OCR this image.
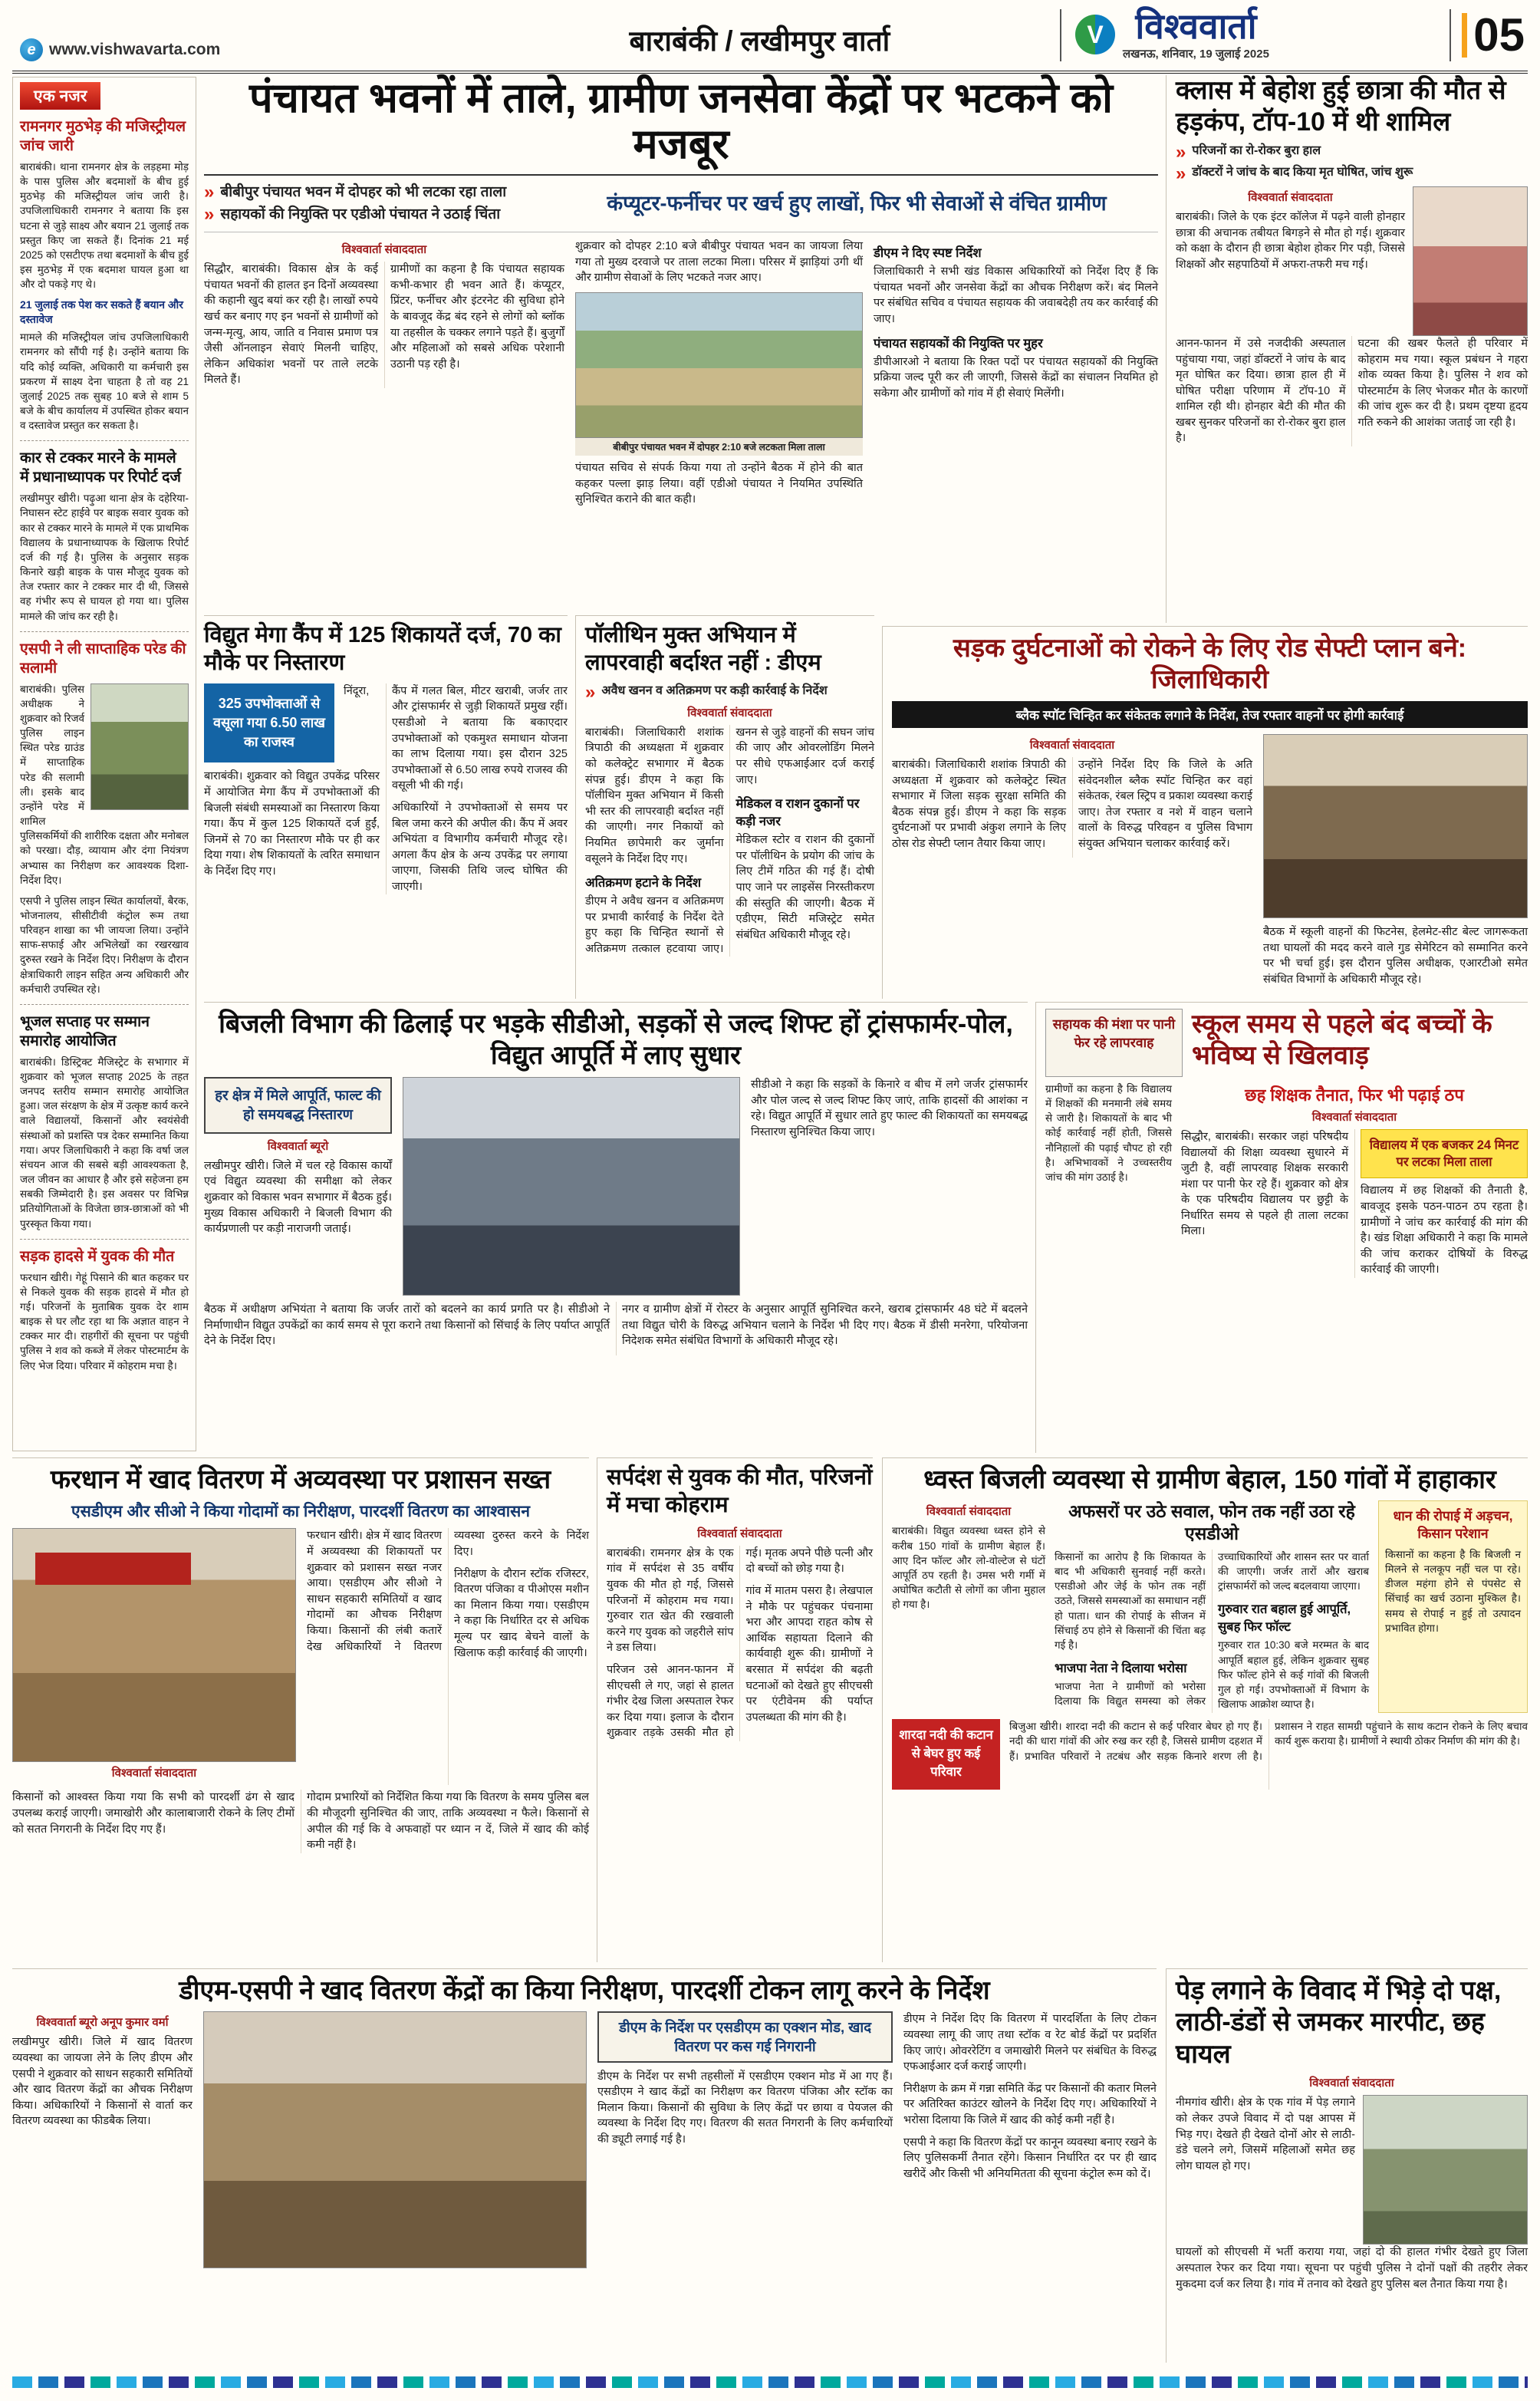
e www.vishwavarta.com	बाराबंकी / लखीमपुर वार्ता	V विश्ववार्ता
लखनऊ, शनिवार, 19 जुलाई 2025	05
एक नजर
रामनगर मुठभेड़ की मजिस्ट्रीयल जांच जारी

बाराबंकी। थाना रामनगर क्षेत्र के लड़हमा मोड़ के पास पुलिस और बदमाशों के बीच हुई मुठभेड़ की मजिस्ट्रीयल जांच जारी है। उपजिलाधिकारी रामनगर ने बताया कि इस घटना से जुड़े साक्ष्य और बयान 21 जुलाई तक प्रस्तुत किए जा सकते हैं। दिनांक 21 मई 2025 को एसटीएफ तथा बदमाशों के बीच हुई इस मुठभेड़ में एक बदमाश घायल हुआ था और दो पकड़े गए थे।

21 जुलाई तक पेश कर सकते हैं बयान और दस्तावेज

मामले की मजिस्ट्रीयल जांच उपजिलाधिकारी रामनगर को सौंपी गई है। उन्होंने बताया कि यदि कोई व्यक्ति, अधिकारी या कर्मचारी इस प्रकरण में साक्ष्य देना चाहता है तो वह 21 जुलाई 2025 तक सुबह 10 बजे से शाम 5 बजे के बीच कार्यालय में उपस्थित होकर बयान व दस्तावेज प्रस्तुत कर सकता है।

कार से टक्कर मारने के मामले में प्रधानाध्यापक पर रिपोर्ट दर्ज

लखीमपुर खीरी। पढ़ुआ थाना क्षेत्र के दहेरिया-निघासन स्टेट हाईवे पर बाइक सवार युवक को कार से टक्कर मारने के मामले में एक प्राथमिक विद्यालय के प्रधानाध्यापक के खिलाफ रिपोर्ट दर्ज की गई है। पुलिस के अनुसार सड़क किनारे खड़ी बाइक के पास मौजूद युवक को तेज रफ्तार कार ने टक्कर मार दी थी, जिससे वह गंभीर रूप से घायल हो गया था। पुलिस मामले की जांच कर रही है।

एसपी ने ली साप्ताहिक परेड की सलामी

बाराबंकी। पुलिस अधीक्षक ने शुक्रवार को रिजर्व पुलिस लाइन स्थित परेड ग्राउंड में साप्ताहिक परेड की सलामी ली। इसके बाद उन्होंने परेड में शामिल पुलिसकर्मियों की शारीरिक दक्षता और मनोबल को परखा। दौड़, व्यायाम और दंगा नियंत्रण अभ्यास का निरीक्षण कर आवश्यक दिशा-निर्देश दिए।

एसपी ने पुलिस लाइन स्थित कार्यालयों, बैरक, भोजनालय, सीसीटीवी कंट्रोल रूम तथा परिवहन शाखा का भी जायजा लिया। उन्होंने साफ-सफाई और अभिलेखों का रखरखाव दुरुस्त रखने के निर्देश दिए। निरीक्षण के दौरान क्षेत्राधिकारी लाइन सहित अन्य अधिकारी और कर्मचारी उपस्थित रहे।

भूजल सप्ताह पर सम्मान समारोह आयोजित

बाराबंकी। डिस्ट्रिक्ट मैजिस्ट्रेट के सभागार में शुक्रवार को भूजल सप्ताह 2025 के तहत जनपद स्तरीय सम्मान समारोह आयोजित हुआ। जल संरक्षण के क्षेत्र में उत्कृष्ट कार्य करने वाले विद्यालयों, किसानों और स्वयंसेवी संस्थाओं को प्रशस्ति पत्र देकर सम्मानित किया गया। अपर जिलाधिकारी ने कहा कि वर्षा जल संचयन आज की सबसे बड़ी आवश्यकता है, जल जीवन का आधार है और इसे सहेजना हम सबकी जिम्मेदारी है। इस अवसर पर विभिन्न प्रतियोगिताओं के विजेता छात्र-छात्राओं को भी पुरस्कृत किया गया।

सड़क हादसे में युवक की मौत

फरधान खीरी। गेहूं पिसाने की बात कहकर घर से निकले युवक की सड़क हादसे में मौत हो गई। परिजनों के मुताबिक युवक देर शाम बाइक से घर लौट रहा था कि अज्ञात वाहन ने टक्कर मार दी। राहगीरों की सूचना पर पहुंची पुलिस ने शव को कब्जे में लेकर पोस्टमार्टम के लिए भेज दिया। परिवार में कोहराम मचा है।

पंचायत भवनों में ताले, ग्रामीण जनसेवा केंद्रों पर भटकने को मजबूर
» बीबीपुर पंचायत भवन में दोपहर को भी लटका रहा ताला
» सहायकों की नियुक्ति पर एडीओ पंचायत ने उठाई चिंता	कंप्यूटर-फर्नीचर पर खर्च हुए लाखों, फिर भी सेवाओं से वंचित ग्रामीण
विश्ववार्ता संवाददाता

सिद्धौर, बाराबंकी। विकास क्षेत्र के कई पंचायत भवनों की हालत इन दिनों अव्यवस्था की कहानी खुद बयां कर रही है। लाखों रुपये खर्च कर बनाए गए इन भवनों से ग्रामीणों को जन्म-मृत्यु, आय, जाति व निवास प्रमाण पत्र जैसी ऑनलाइन सेवाएं मिलनी चाहिए, लेकिन अधिकांश भवनों पर ताले लटके मिलते हैं।

ग्रामीणों का कहना है कि पंचायत सहायक कभी-कभार ही भवन आते हैं। कंप्यूटर, प्रिंटर, फर्नीचर और इंटरनेट की सुविधा होने के बावजूद केंद्र बंद रहने से लोगों को ब्लॉक या तहसील के चक्कर लगाने पड़ते हैं। बुजुर्गों और महिलाओं को सबसे अधिक परेशानी उठानी पड़ रही है।

शुक्रवार को दोपहर 2:10 बजे बीबीपुर पंचायत भवन का जायजा लिया गया तो मुख्य दरवाजे पर ताला लटका मिला। परिसर में झाड़ियां उगी थीं और ग्रामीण सेवाओं के लिए भटकते नजर आए।

बीबीपुर पंचायत भवन में दोपहर 2:10 बजे लटकता मिला ताला

पंचायत सचिव से संपर्क किया गया तो उन्होंने बैठक में होने की बात कहकर पल्ला झाड़ लिया। वहीं एडीओ पंचायत ने नियमित उपस्थिति सुनिश्चित कराने की बात कही।

डीएम ने दिए स्पष्ट निर्देश

जिलाधिकारी ने सभी खंड विकास अधिकारियों को निर्देश दिए हैं कि पंचायत भवनों और जनसेवा केंद्रों का औचक निरीक्षण करें। बंद मिलने पर संबंधित सचिव व पंचायत सहायक की जवाबदेही तय कर कार्रवाई की जाए।

पंचायत सहायकों की नियुक्ति पर मुहर

डीपीआरओ ने बताया कि रिक्त पदों पर पंचायत सहायकों की नियुक्ति प्रक्रिया जल्द पूरी कर ली जाएगी, जिससे केंद्रों का संचालन नियमित हो सकेगा और ग्रामीणों को गांव में ही सेवाएं मिलेंगी।

क्लास में बेहोश हुई छात्रा की मौत से हड़कंप, टॉप-10 में थी शामिल
» परिजनों का रो-रोकर बुरा हाल
» डॉक्टरों ने जांच के बाद किया मृत घोषित, जांच शुरू
विश्ववार्ता संवाददाता

बाराबंकी। जिले के एक इंटर कॉलेज में पढ़ने वाली होनहार छात्रा की अचानक तबीयत बिगड़ने से मौत हो गई। शुक्रवार को कक्षा के दौरान ही छात्रा बेहोश होकर गिर पड़ी, जिससे शिक्षकों और सहपाठियों में अफरा-तफरी मच गई।

आनन-फानन में उसे नजदीकी अस्पताल पहुंचाया गया, जहां डॉक्टरों ने जांच के बाद मृत घोषित कर दिया। छात्रा हाल ही में घोषित परीक्षा परिणाम में टॉप-10 में शामिल रही थी। होनहार बेटी की मौत की खबर सुनकर परिजनों का रो-रोकर बुरा हाल है।

घटना की खबर फैलते ही परिवार में कोहराम मच गया। स्कूल प्रबंधन ने गहरा शोक व्यक्त किया है। पुलिस ने शव को पोस्टमार्टम के लिए भेजकर मौत के कारणों की जांच शुरू कर दी है। प्रथम दृष्टया हृदय गति रुकने की आशंका जताई जा रही है।

विद्युत मेगा कैंप में 125 शिकायतें दर्ज, 70 का मौके पर निस्तारण
325 उपभोक्ताओं से वसूला गया 6.50 लाख का राजस्व

निंदूरा, बाराबंकी। शुक्रवार को विद्युत उपकेंद्र परिसर में आयोजित मेगा कैंप में उपभोक्ताओं की बिजली संबंधी समस्याओं का निस्तारण किया गया। कैंप में कुल 125 शिकायतें दर्ज हुईं, जिनमें से 70 का निस्तारण मौके पर ही कर दिया गया। शेष शिकायतों के त्वरित समाधान के निर्देश दिए गए।

कैंप में गलत बिल, मीटर खराबी, जर्जर तार और ट्रांसफार्मर से जुड़ी शिकायतें प्रमुख रहीं। एसडीओ ने बताया कि बकाएदार उपभोक्ताओं को एकमुश्त समाधान योजना का लाभ दिलाया गया। इस दौरान 325 उपभोक्ताओं से 6.50 लाख रुपये राजस्व की वसूली भी की गई।

अधिकारियों ने उपभोक्ताओं से समय पर बिल जमा करने की अपील की। कैंप में अवर अभियंता व विभागीय कर्मचारी मौजूद रहे। अगला कैंप क्षेत्र के अन्य उपकेंद्र पर लगाया जाएगा, जिसकी तिथि जल्द घोषित की जाएगी।

पॉलीथिन मुक्त अभियान में लापरवाही बर्दाश्त नहीं : डीएम
» अवैध खनन व अतिक्रमण पर कड़ी कार्रवाई के निर्देश
विश्ववार्ता संवाददाता

बाराबंकी। जिलाधिकारी शशांक त्रिपाठी की अध्यक्षता में शुक्रवार को कलेक्ट्रेट सभागार में बैठक संपन्न हुई। डीएम ने कहा कि पॉलीथिन मुक्त अभियान में किसी भी स्तर की लापरवाही बर्दाश्त नहीं की जाएगी। नगर निकायों को नियमित छापेमारी कर जुर्माना वसूलने के निर्देश दिए गए।

अतिक्रमण हटाने के निर्देश

डीएम ने अवैध खनन व अतिक्रमण पर प्रभावी कार्रवाई के निर्देश देते हुए कहा कि चिन्हित स्थानों से अतिक्रमण तत्काल हटवाया जाए। खनन से जुड़े वाहनों की सघन जांच की जाए और ओवरलोडिंग मिलने पर सीधे एफआईआर दर्ज कराई जाए।

मेडिकल व राशन दुकानों पर कड़ी नजर

मेडिकल स्टोर व राशन की दुकानों पर पॉलीथिन के प्रयोग की जांच के लिए टीमें गठित की गई हैं। दोषी पाए जाने पर लाइसेंस निरस्तीकरण की संस्तुति की जाएगी। बैठक में एडीएम, सिटी मजिस्ट्रेट समेत संबंधित अधिकारी मौजूद रहे।

सड़क दुर्घटनाओं को रोकने के लिए रोड सेफ्टी प्लान बने: जिलाधिकारी
ब्लैक स्पॉट चिन्हित कर संकेतक लगाने के निर्देश, तेज रफ्तार वाहनों पर होगी कार्रवाई
विश्ववार्ता संवाददाता

बाराबंकी। जिलाधिकारी शशांक त्रिपाठी की अध्यक्षता में शुक्रवार को कलेक्ट्रेट स्थित सभागार में जिला सड़क सुरक्षा समिति की बैठक संपन्न हुई। डीएम ने कहा कि सड़क दुर्घटनाओं पर प्रभावी अंकुश लगाने के लिए ठोस रोड सेफ्टी प्लान तैयार किया जाए।

उन्होंने निर्देश दिए कि जिले के अति संवेदनशील ब्लैक स्पॉट चिन्हित कर वहां संकेतक, रंबल स्ट्रिप व प्रकाश व्यवस्था कराई जाए। तेज रफ्तार व नशे में वाहन चलाने वालों के विरुद्ध परिवहन व पुलिस विभाग संयुक्त अभियान चलाकर कार्रवाई करें।

बैठक में स्कूली वाहनों की फिटनेस, हेलमेट-सीट बेल्ट जागरूकता तथा घायलों की मदद करने वाले गुड सेमेरिटन को सम्मानित करने पर भी चर्चा हुई। इस दौरान पुलिस अधीक्षक, एआरटीओ समेत संबंधित विभागों के अधिकारी मौजूद रहे।

बिजली विभाग की ढिलाई पर भड़के सीडीओ, सड़कों से जल्द शिफ्ट हों ट्रांसफार्मर-पोल, विद्युत आपूर्ति में लाए सुधार
हर क्षेत्र में मिले आपूर्ति, फाल्ट की हो समयबद्ध निस्तारण
विश्ववार्ता ब्यूरो

लखीमपुर खीरी। जिले में चल रहे विकास कार्यों एवं विद्युत व्यवस्था की समीक्षा को लेकर शुक्रवार को विकास भवन सभागार में बैठक हुई। मुख्य विकास अधिकारी ने बिजली विभाग की कार्यप्रणाली पर कड़ी नाराजगी जताई।

सीडीओ ने कहा कि सड़कों के किनारे व बीच में लगे जर्जर ट्रांसफार्मर और पोल जल्द से जल्द शिफ्ट किए जाएं, ताकि हादसों की आशंका न रहे। विद्युत आपूर्ति में सुधार लाते हुए फाल्ट की शिकायतों का समयबद्ध निस्तारण सुनिश्चित किया जाए।

बैठक में अधीक्षण अभियंता ने बताया कि जर्जर तारों को बदलने का कार्य प्रगति पर है। सीडीओ ने निर्माणाधीन विद्युत उपकेंद्रों का कार्य समय से पूरा कराने तथा किसानों को सिंचाई के लिए पर्याप्त आपूर्ति देने के निर्देश दिए।

नगर व ग्रामीण क्षेत्रों में रोस्टर के अनुसार आपूर्ति सुनिश्चित करने, खराब ट्रांसफार्मर 48 घंटे में बदलने तथा विद्युत चोरी के विरुद्ध अभियान चलाने के निर्देश भी दिए गए। बैठक में डीसी मनरेगा, परियोजना निदेशक समेत संबंधित विभागों के अधिकारी मौजूद रहे।

सहायक की मंशा पर पानी फेर रहे लापरवाह
स्कूल समय से पहले बंद बच्चों के भविष्य से खिलवाड़

ग्रामीणों का कहना है कि विद्यालय में शिक्षकों की मनमानी लंबे समय से जारी है। शिकायतों के बाद भी कोई कार्रवाई नहीं होती, जिससे नौनिहालों की पढ़ाई चौपट हो रही है। अभिभावकों ने उच्चस्तरीय जांच की मांग उठाई है।

छह शिक्षक तैनात, फिर भी पढ़ाई ठप
विश्ववार्ता संवाददाता

सिद्धौर, बाराबंकी। सरकार जहां परिषदीय विद्यालयों की शिक्षा व्यवस्था सुधारने में जुटी है, वहीं लापरवाह शिक्षक सरकारी मंशा पर पानी फेर रहे हैं। शुक्रवार को क्षेत्र के एक परिषदीय विद्यालय पर छुट्टी के निर्धारित समय से पहले ही ताला लटका मिला।

विद्यालय में एक बजकर 24 मिनट पर लटका मिला ताला

विद्यालय में छह शिक्षकों की तैनाती है, बावजूद इसके पठन-पाठन ठप रहता है। ग्रामीणों ने जांच कर कार्रवाई की मांग की है। खंड शिक्षा अधिकारी ने कहा कि मामले की जांच कराकर दोषियों के विरुद्ध कार्रवाई की जाएगी।

फरधान में खाद वितरण में अव्यवस्था पर प्रशासन सख्त
एसडीएम और सीओ ने किया गोदामों का निरीक्षण, पारदर्शी वितरण का आश्वासन
विश्ववार्ता संवाददाता

फरधान खीरी। क्षेत्र में खाद वितरण में अव्यवस्था की शिकायतों पर शुक्रवार को प्रशासन सख्त नजर आया। एसडीएम और सीओ ने साधन सहकारी समितियों व खाद गोदामों का औचक निरीक्षण किया। किसानों की लंबी कतारें देख अधिकारियों ने वितरण व्यवस्था दुरुस्त करने के निर्देश दिए।

निरीक्षण के दौरान स्टॉक रजिस्टर, वितरण पंजिका व पीओएस मशीन का मिलान किया गया। एसडीएम ने कहा कि निर्धारित दर से अधिक मूल्य पर खाद बेचने वालों के खिलाफ कड़ी कार्रवाई की जाएगी।

किसानों को आश्वस्त किया गया कि सभी को पारदर्शी ढंग से खाद उपलब्ध कराई जाएगी। जमाखोरी और कालाबाजारी रोकने के लिए टीमों को सतत निगरानी के निर्देश दिए गए हैं।

गोदाम प्रभारियों को निर्देशित किया गया कि वितरण के समय पुलिस बल की मौजूदगी सुनिश्चित की जाए, ताकि अव्यवस्था न फैले। किसानों से अपील की गई कि वे अफवाहों पर ध्यान न दें, जिले में खाद की कोई कमी नहीं है।

सर्पदंश से युवक की मौत, परिजनों में मचा कोहराम
विश्ववार्ता संवाददाता

बाराबंकी। रामनगर क्षेत्र के एक गांव में सर्पदंश से 35 वर्षीय युवक की मौत हो गई, जिससे परिजनों में कोहराम मच गया। गुरुवार रात खेत की रखवाली करने गए युवक को जहरीले सांप ने डस लिया।

परिजन उसे आनन-फानन में सीएचसी ले गए, जहां से हालत गंभीर देख जिला अस्पताल रेफर कर दिया गया। इलाज के दौरान शुक्रवार तड़के उसकी मौत हो गई। मृतक अपने पीछे पत्नी और दो बच्चों को छोड़ गया है।

गांव में मातम पसरा है। लेखपाल ने मौके पर पहुंचकर पंचनामा भरा और आपदा राहत कोष से आर्थिक सहायता दिलाने की कार्यवाही शुरू की। ग्रामीणों ने बरसात में सर्पदंश की बढ़ती घटनाओं को देखते हुए सीएचसी पर एंटीवेनम की पर्याप्त उपलब्धता की मांग की है।

ध्वस्त बिजली व्यवस्था से ग्रामीण बेहाल, 150 गांवों में हाहाकार
विश्ववार्ता संवाददाता

बाराबंकी। विद्युत व्यवस्था ध्वस्त होने से करीब 150 गांवों के ग्रामीण बेहाल हैं। आए दिन फॉल्ट और लो-वोल्टेज से घंटों आपूर्ति ठप रहती है। उमस भरी गर्मी में अघोषित कटौती से लोगों का जीना मुहाल हो गया है।

अफसरों पर उठे सवाल, फोन तक नहीं उठा रहे एसडीओ

किसानों का आरोप है कि शिकायत के बाद भी अधिकारी सुनवाई नहीं करते। एसडीओ और जेई के फोन तक नहीं उठते, जिससे समस्याओं का समाधान नहीं हो पाता। धान की रोपाई के सीजन में सिंचाई ठप होने से किसानों की चिंता बढ़ गई है।

भाजपा नेता ने दिलाया भरोसा

भाजपा नेता ने ग्रामीणों को भरोसा दिलाया कि विद्युत समस्या को लेकर उच्चाधिकारियों और शासन स्तर पर वार्ता की जाएगी। जर्जर तारों और खराब ट्रांसफार्मरों को जल्द बदलवाया जाएगा।

गुरुवार रात बहाल हुई आपूर्ति, सुबह फिर फॉल्ट

गुरुवार रात 10:30 बजे मरम्मत के बाद आपूर्ति बहाल हुई, लेकिन शुक्रवार सुबह फिर फॉल्ट होने से कई गांवों की बिजली गुल हो गई। उपभोक्ताओं में विभाग के खिलाफ आक्रोश व्याप्त है।

धान की रोपाई में अड़चन, किसान परेशान

किसानों का कहना है कि बिजली न मिलने से नलकूप नहीं चल पा रहे। डीजल महंगा होने से पंपसेट से सिंचाई का खर्च उठाना मुश्किल है। समय से रोपाई न हुई तो उत्पादन प्रभावित होगा।

शारदा नदी की कटान से बेघर हुए कई परिवार

बिजुआ खीरी। शारदा नदी की कटान से कई परिवार बेघर हो गए हैं। नदी की धारा गांवों की ओर रुख कर रही है, जिससे ग्रामीण दहशत में हैं। प्रभावित परिवारों ने तटबंध और सड़क किनारे शरण ली है। प्रशासन ने राहत सामग्री पहुंचाने के साथ कटान रोकने के लिए बचाव कार्य शुरू कराया है। ग्रामीणों ने स्थायी ठोकर निर्माण की मांग की है।

डीएम-एसपी ने खाद वितरण केंद्रों का किया निरीक्षण, पारदर्शी टोकन लागू करने के निर्देश
विश्ववार्ता ब्यूरो अनूप कुमार वर्मा

लखीमपुर खीरी। जिले में खाद वितरण व्यवस्था का जायजा लेने के लिए डीएम और एसपी ने शुक्रवार को साधन सहकारी समितियों और खाद वितरण केंद्रों का औचक निरीक्षण किया। अधिकारियों ने किसानों से वार्ता कर वितरण व्यवस्था का फीडबैक लिया।

डीएम के निर्देश पर एसडीएम का एक्शन मोड, खाद वितरण पर कस गई निगरानी

डीएम के निर्देश पर सभी तहसीलों में एसडीएम एक्शन मोड में आ गए हैं। एसडीएम ने खाद केंद्रों का निरीक्षण कर वितरण पंजिका और स्टॉक का मिलान किया। किसानों की सुविधा के लिए केंद्रों पर छाया व पेयजल की व्यवस्था के निर्देश दिए गए। वितरण की सतत निगरानी के लिए कर्मचारियों की ड्यूटी लगाई गई है।

डीएम ने निर्देश दिए कि वितरण में पारदर्शिता के लिए टोकन व्यवस्था लागू की जाए तथा स्टॉक व रेट बोर्ड केंद्रों पर प्रदर्शित किए जाएं। ओवररेटिंग व जमाखोरी मिलने पर संबंधित के विरुद्ध एफआईआर दर्ज कराई जाएगी।

निरीक्षण के क्रम में गन्ना समिति केंद्र पर किसानों की कतार मिलने पर अतिरिक्त काउंटर खोलने के निर्देश दिए गए। अधिकारियों ने भरोसा दिलाया कि जिले में खाद की कोई कमी नहीं है।

एसपी ने कहा कि वितरण केंद्रों पर कानून व्यवस्था बनाए रखने के लिए पुलिसकर्मी तैनात रहेंगे। किसान निर्धारित दर पर ही खाद खरीदें और किसी भी अनियमितता की सूचना कंट्रोल रूम को दें।

पेड़ लगाने के विवाद में भिड़े दो पक्ष, लाठी-डंडों से जमकर मारपीट, छह घायल
विश्ववार्ता संवाददाता

नीमगांव खीरी। क्षेत्र के एक गांव में पेड़ लगाने को लेकर उपजे विवाद में दो पक्ष आपस में भिड़ गए। देखते ही देखते दोनों ओर से लाठी-डंडे चलने लगे, जिसमें महिलाओं समेत छह लोग घायल हो गए।

घायलों को सीएचसी में भर्ती कराया गया, जहां दो की हालत गंभीर देखते हुए जिला अस्पताल रेफर कर दिया गया। सूचना पर पहुंची पुलिस ने दोनों पक्षों की तहरीर लेकर मुकदमा दर्ज कर लिया है। गांव में तनाव को देखते हुए पुलिस बल तैनात किया गया है।
